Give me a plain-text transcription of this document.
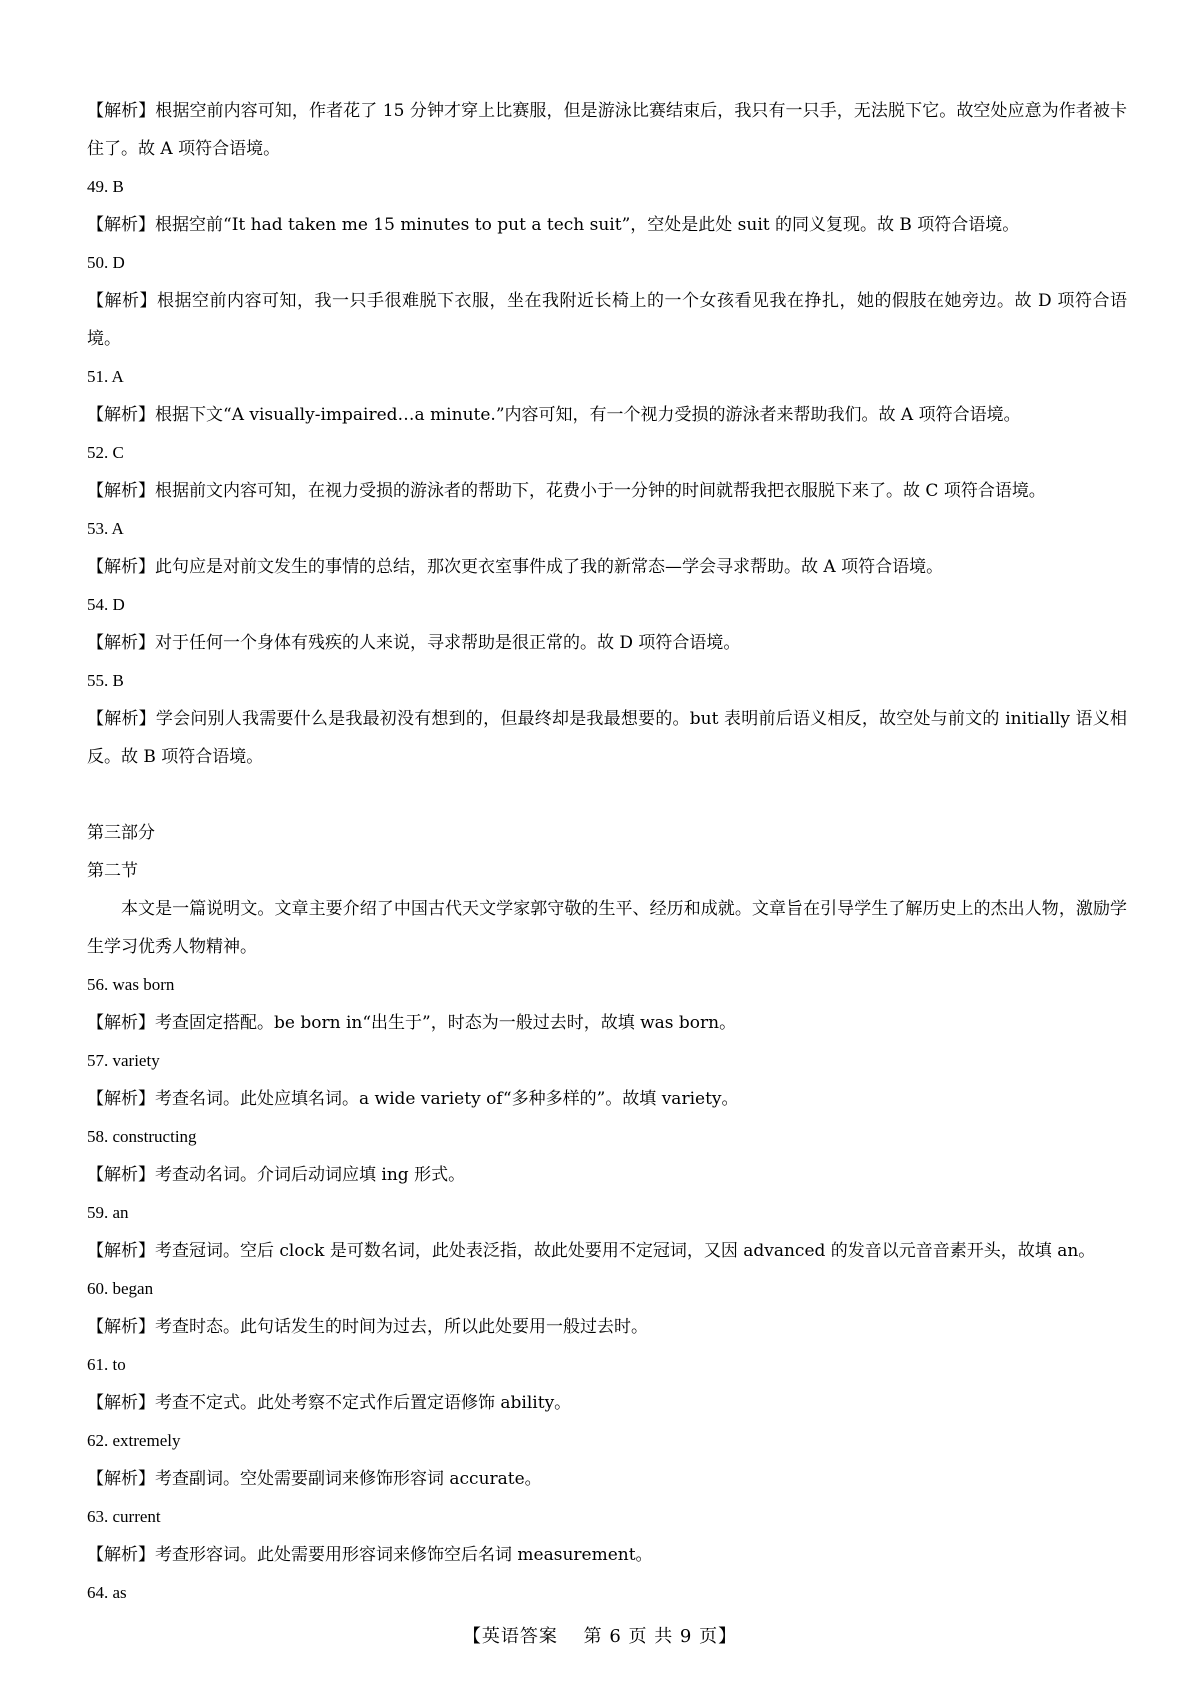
【解析】根据空前内容可知，作者花了 15 分钟才穿上比赛服，但是游泳比赛结束后，我只有一只手，无法脱下它。故空处应意为作者被卡住了。故 A 项符合语境。
49. B
【解析】根据空前“It had taken me 15 minutes to put a tech suit”，空处是此处 suit 的同义复现。故 B 项符合语境。
50. D
【解析】根据空前内容可知，我一只手很难脱下衣服，坐在我附近长椅上的一个女孩看见我在挣扎，她的假肢在她旁边。故 D 项符合语境。
51. A
【解析】根据下文“A visually-impaired…a minute.”内容可知，有一个视力受损的游泳者来帮助我们。故 A 项符合语境。
52. C
【解析】根据前文内容可知，在视力受损的游泳者的帮助下，花费小于一分钟的时间就帮我把衣服脱下来了。故 C 项符合语境。
53. A
【解析】此句应是对前文发生的事情的总结，那次更衣室事件成了我的新常态—学会寻求帮助。故 A 项符合语境。
54. D
【解析】对于任何一个身体有残疾的人来说，寻求帮助是很正常的。故 D 项符合语境。
55. B
【解析】学会问别人我需要什么是我最初没有想到的，但最终却是我最想要的。but 表明前后语义相反，故空处与前文的 initially 语义相反。故 B 项符合语境。
第三部分
第二节
本文是一篇说明文。文章主要介绍了中国古代天文学家郭守敬的生平、经历和成就。文章旨在引导学生了解历史上的杰出人物，激励学生学习优秀人物精神。
56. was born
【解析】考查固定搭配。be born in“出生于”，时态为一般过去时，故填 was born。
57. variety
【解析】考查名词。此处应填名词。a wide variety of“多种多样的”。故填 variety。
58. constructing
【解析】考查动名词。介词后动词应填 ing 形式。
59. an
【解析】考查冠词。空后 clock 是可数名词，此处表泛指，故此处要用不定冠词，又因 advanced 的发音以元音音素开头，故填 an。
60. began
【解析】考查时态。此句话发生的时间为过去，所以此处要用一般过去时。
61. to
【解析】考查不定式。此处考察不定式作后置定语修饰 ability。
62. extremely
【解析】考查副词。空处需要副词来修饰形容词 accurate。
63. current
【解析】考查形容词。此处需要用形容词来修饰空后名词 measurement。
64. as
【英语答案　 第 6 页 共 9 页】
